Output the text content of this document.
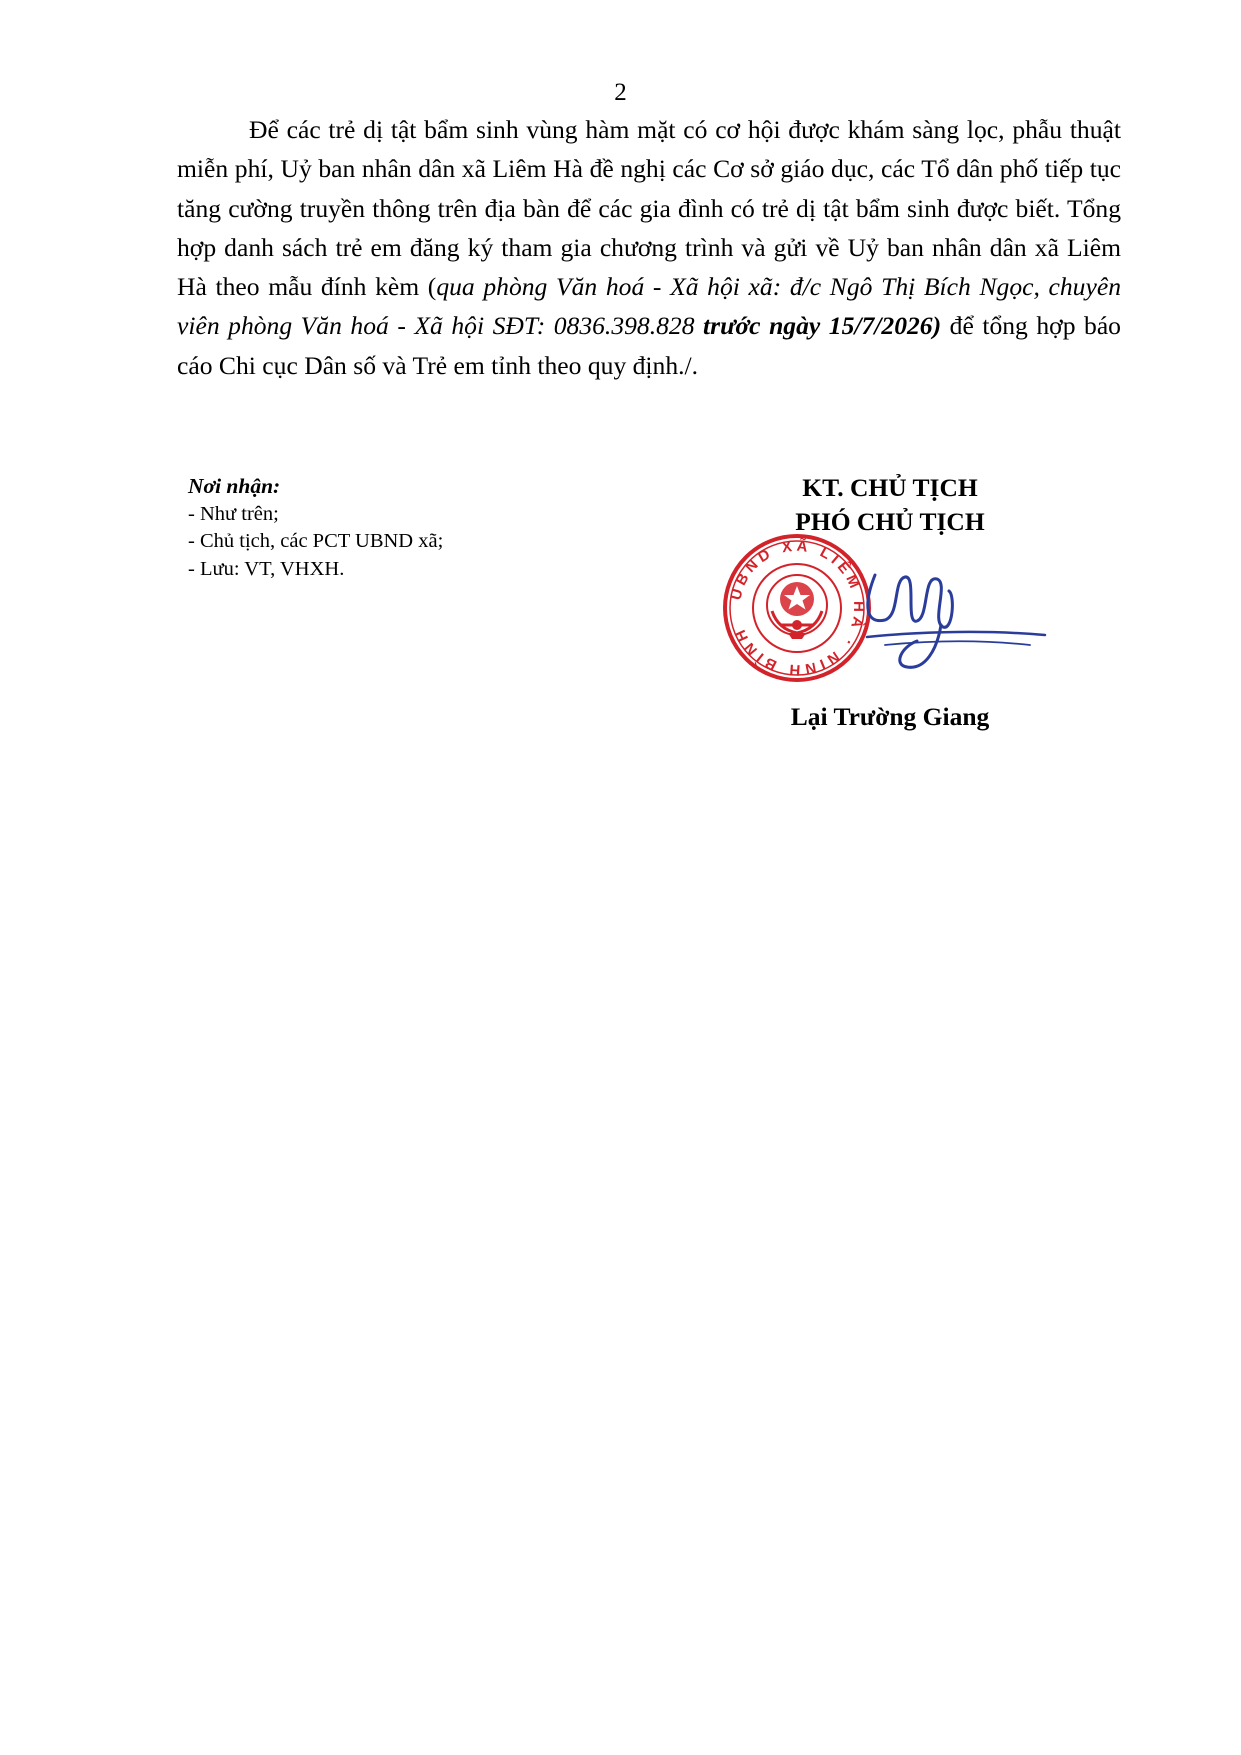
2

Để các trẻ dị tật bẩm sinh vùng hàm mặt có cơ hội được khám sàng lọc, phẫu thuật miễn phí, Uỷ ban nhân dân xã Liêm Hà đề nghị các Cơ sở giáo dục, các Tổ dân phố tiếp tục tăng cường truyền thông trên địa bàn để các gia đình có trẻ dị tật bẩm sinh được biết. Tổng hợp danh sách trẻ em đăng ký tham gia chương trình và gửi về Uỷ ban nhân dân xã Liêm Hà theo mẫu đính kèm (qua phòng Văn hoá - Xã hội xã: đ/c Ngô Thị Bích Ngọc, chuyên viên phòng Văn hoá - Xã hội SĐT: 0836.398.828 trước ngày 15/7/2026) để tổng hợp báo cáo Chi cục Dân số và Trẻ em tỉnh theo quy định./.

Nơi nhận:
- Như trên;
- Chủ tịch, các PCT UBND xã;
- Lưu: VT, VHXH.
KT. CHỦ TỊCH
PHÓ CHỦ TỊCH
UBND XÃ LIÊM HÀ · NINH BÌNH
Lại Trường Giang
